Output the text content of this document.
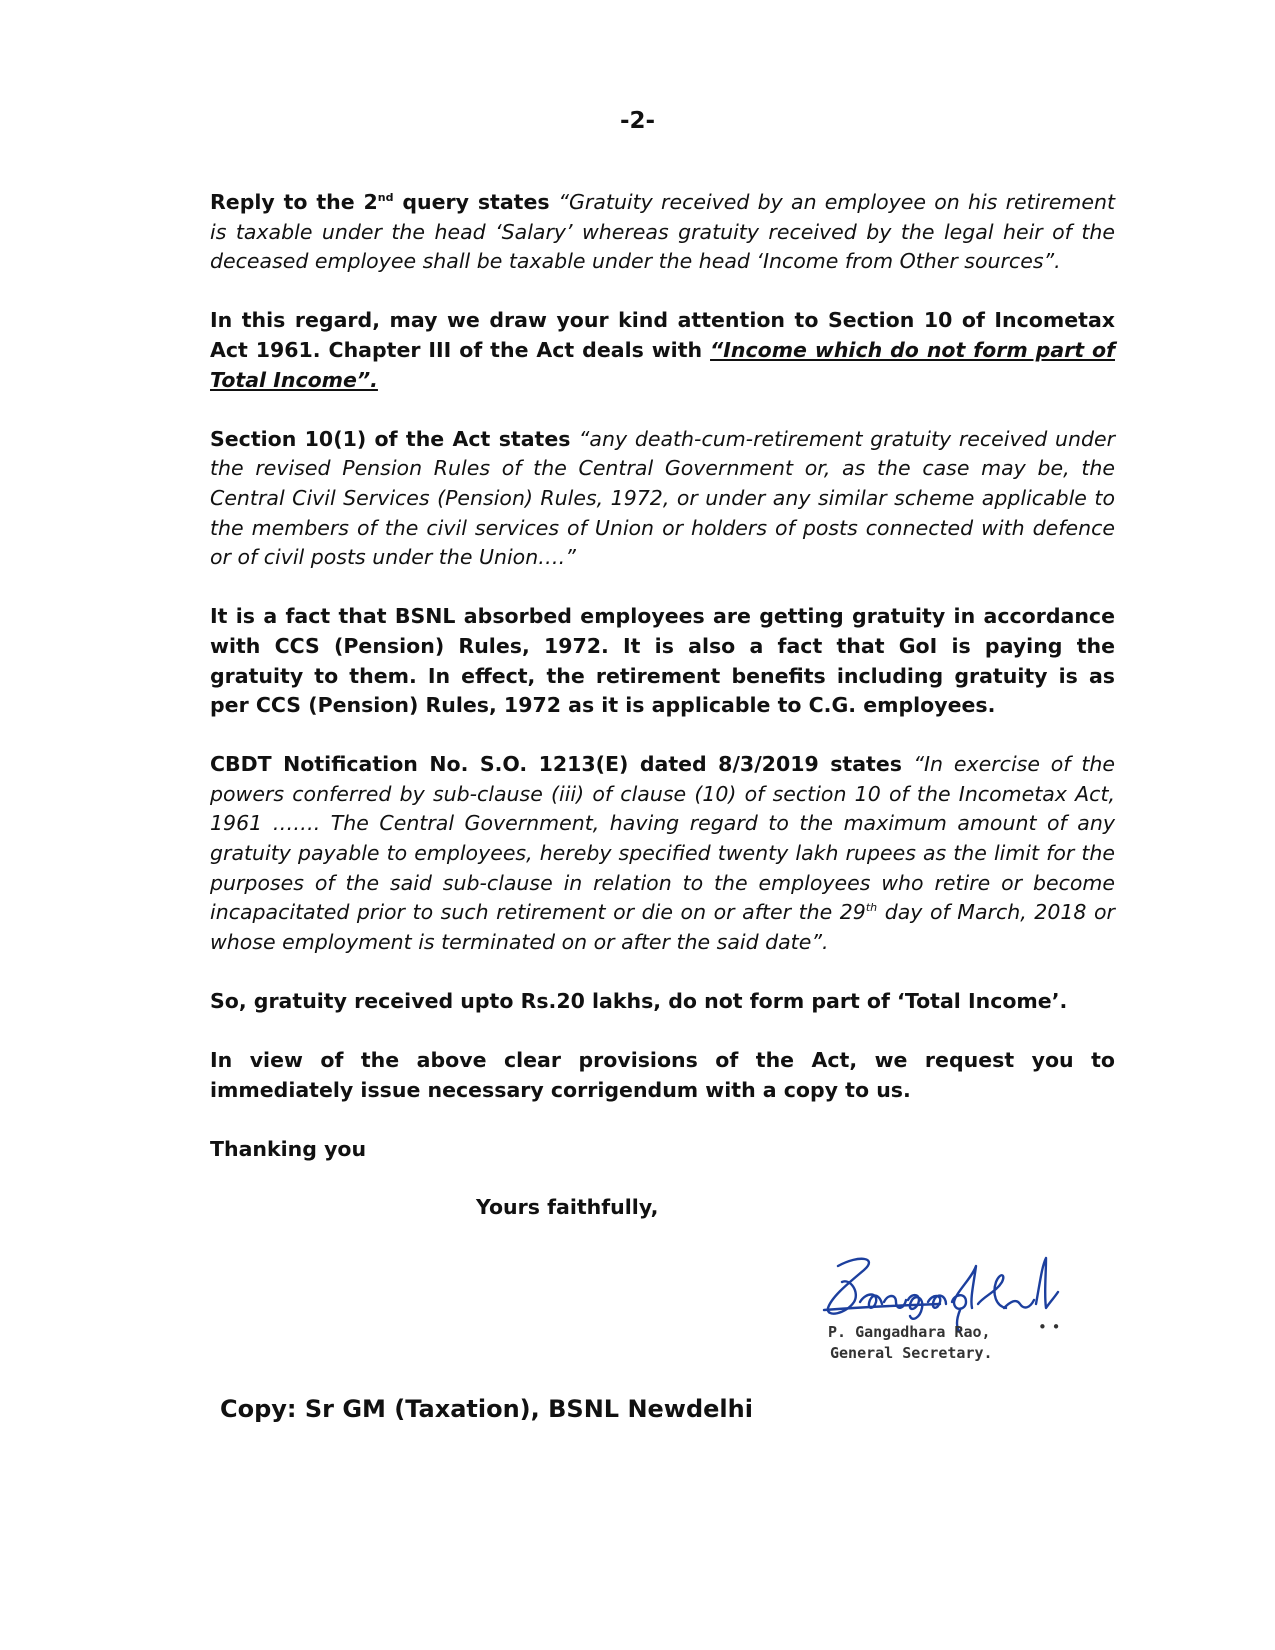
-2-

Reply to the 2nd query states “Gratuity received by an employee on his retirement is taxable under the head ‘Salary’ whereas gratuity received by the legal heir of the deceased employee shall be taxable under the head ‘Income from Other sources”.

In this regard, may we draw your kind attention to Section 10 of Incometax Act 1961. Chapter III of the Act deals with “Income which do not form part of Total Income”.

Section 10(1) of the Act states “any death-cum-retirement gratuity received under the revised Pension Rules of the Central Government or, as the case may be, the Central Civil Services (Pension) Rules, 1972, or under any similar scheme applicable to the members of the civil services of Union or holders of posts connected with defence or of civil posts under the Union….”

It is a fact that BSNL absorbed employees are getting gratuity in accordance with CCS (Pension) Rules, 1972. It is also a fact that GoI is paying the gratuity to them. In effect, the retirement benefits including gratuity is as per CCS (Pension) Rules, 1972 as it is applicable to C.G. employees.

CBDT Notification No. S.O. 1213(E) dated 8/3/2019 states “In exercise of the powers conferred by sub-clause (iii) of clause (10) of section 10 of the Incometax Act, 1961 ……. The Central Government, having regard to the maximum amount of any gratuity payable to employees, hereby specified twenty lakh rupees as the limit for the purposes of the said sub-clause in relation to the employees who retire or become incapacitated prior to such retirement or die on or after the 29th day of March, 2018 or whose employment is terminated on or after the said date”.

So, gratuity received upto Rs.20 lakhs, do not form part of ‘Total Income’.

In view of the above clear provisions of the Act, we request you to immediately issue necessary corrigendum with a copy to us.

Thanking you

Yours faithfully,
P. Gangadhara Rao,	• •
General Secretary.
Copy: Sr GM (Taxation), BSNL Newdelhi
